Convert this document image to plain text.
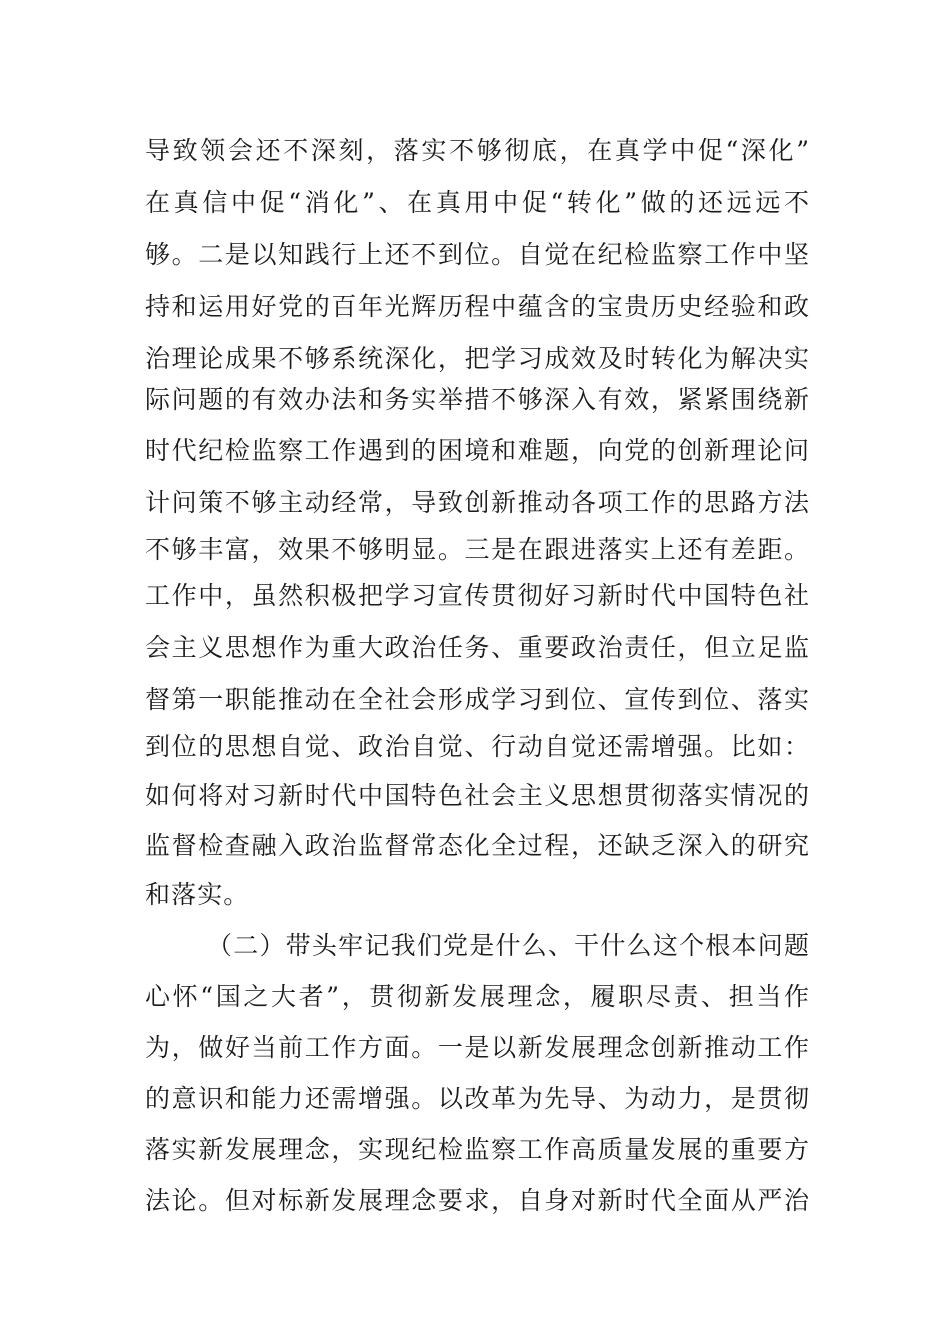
导致领会还不深刻，落实不够彻底，在真学中促“深化”
在真信中促“消化”、在真用中促“转化”做的还远远不
够。二是以知践行上还不到位。自觉在纪检监察工作中坚
持和运用好党的百年光辉历程中蕴含的宝贵历史经验和政
治理论成果不够系统深化，把学习成效及时转化为解决实
际问题的有效办法和务实举措不够深入有效，紧紧围绕新
时代纪检监察工作遇到的困境和难题，向党的创新理论问
计问策不够主动经常，导致创新推动各项工作的思路方法
不够丰富，效果不够明显。三是在跟进落实上还有差距。
工作中，虽然积极把学习宣传贯彻好习新时代中国特色社
会主义思想作为重大政治任务、重要政治责任，但立足监
督第一职能推动在全社会形成学习到位、宣传到位、落实
到位的思想自觉、政治自觉、行动自觉还需增强。比如：
如何将对习新时代中国特色社会主义思想贯彻落实情况的
监督检查融入政治监督常态化全过程，还缺乏深入的研究
和落实。
（二）带头牢记我们党是什么、干什么这个根本问题
心怀“国之大者”，贯彻新发展理念，履职尽责、担当作
为，做好当前工作方面。一是以新发展理念创新推动工作
的意识和能力还需增强。以改革为先导、为动力，是贯彻
落实新发展理念，实现纪检监察工作高质量发展的重要方
法论。但对标新发展理念要求，自身对新时代全面从严治
